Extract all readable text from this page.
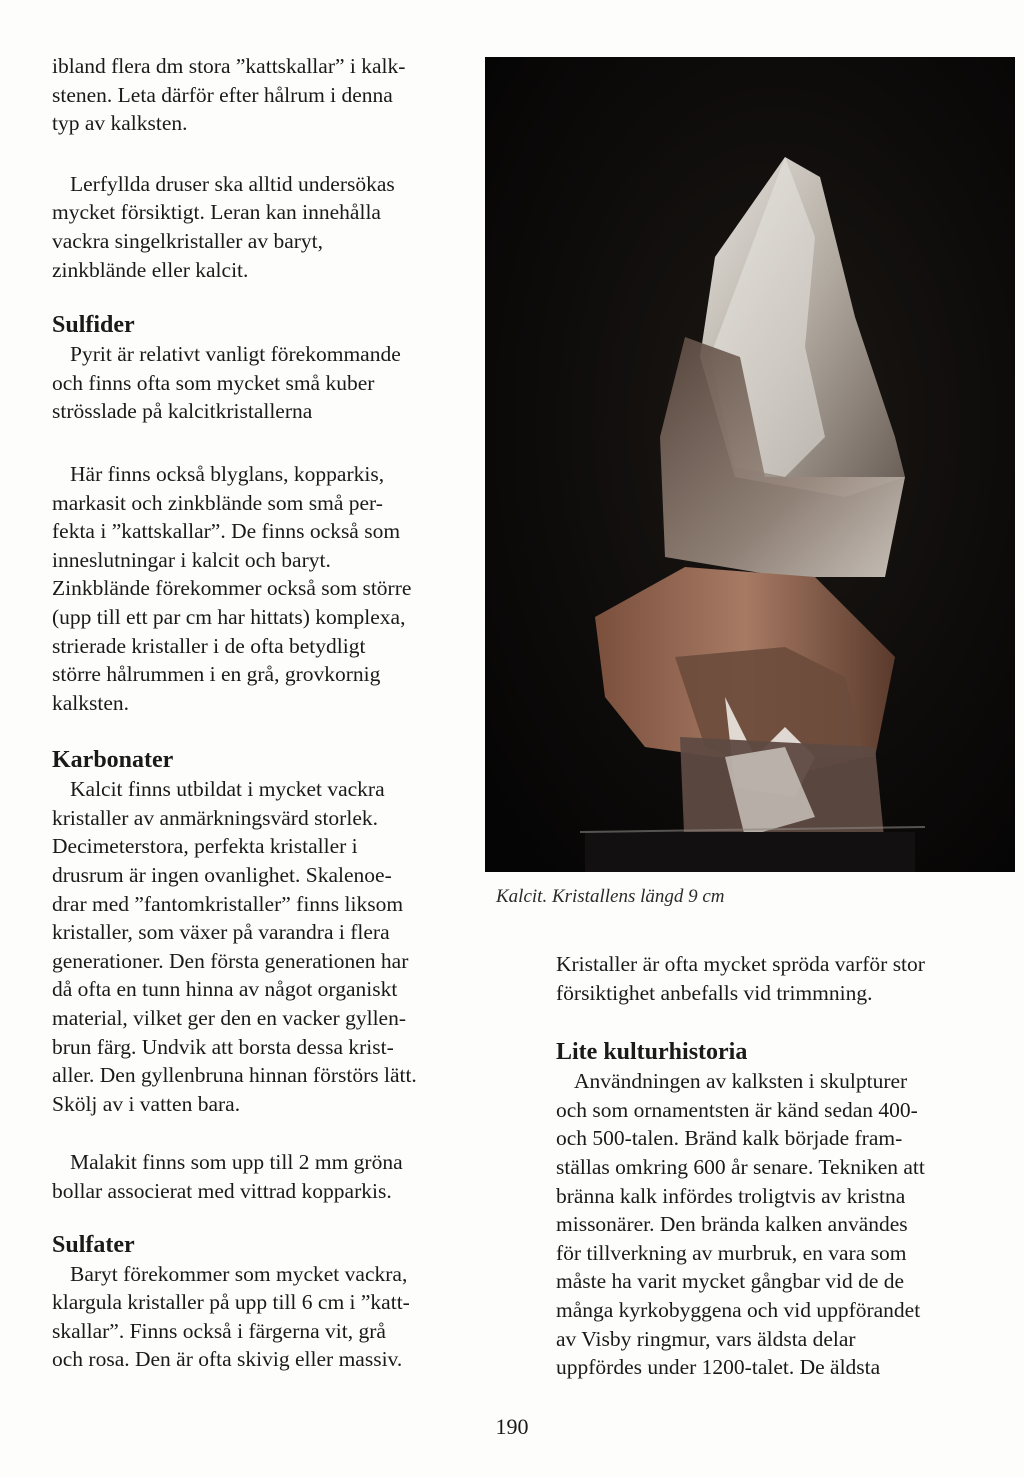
ibland flera dm stora ”kattskallar” i kalk-
stenen. Leta därför efter hålrum i denna
typ av kalksten.
Lerfyllda druser ska alltid undersökas
mycket försiktigt. Leran kan innehålla
vackra singelkristaller av baryt,
zinkblände eller kalcit.
Sulfider
Pyrit är relativt vanligt förekommande
och finns ofta som mycket små kuber
strösslade på kalcitkristallerna
Här finns också blyglans, kopparkis,
markasit och zinkblände som små per-
fekta i ”kattskallar”. De finns också som
inneslutningar i kalcit och baryt.
Zinkblände förekommer också som större
(upp till ett par cm har hittats) komplexa,
strierade kristaller i de ofta betydligt
större hålrummen i en grå, grovkornig
kalksten.
Karbonater
Kalcit finns utbildat i mycket vackra
kristaller av anmärkningsvärd storlek.
Decimeterstora, perfekta kristaller i
drusrum är ingen ovanlighet. Skalenoe-
drar med ”fantomkristaller” finns liksom
kristaller, som växer på varandra i flera
generationer. Den första generationen har
då ofta en tunn hinna av något organiskt
material, vilket ger den en vacker gyllen-
brun färg. Undvik att borsta dessa krist-
aller. Den gyllenbruna hinnan förstörs lätt.
Skölj av i vatten bara.
Malakit finns som upp till 2 mm gröna
bollar associerat med vittrad kopparkis.
Sulfater
Baryt förekommer som mycket vackra,
klargula kristaller på upp till 6 cm i ”katt-
skallar”. Finns också i färgerna vit, grå
och rosa. Den är ofta skivig eller massiv.
Kalcit. Kristallens längd 9 cm
Kristaller är ofta mycket spröda varför stor
försiktighet anbefalls vid trimmning.
Lite kulturhistoria
Användningen av kalksten i skulpturer
och som ornamentsten är känd sedan 400-
och 500-talen. Bränd kalk började fram-
ställas omkring 600 år senare. Tekniken att
bränna kalk infördes troligtvis av kristna
missonärer. Den brända kalken användes
för tillverkning av murbruk, en vara som
måste ha varit mycket gångbar vid de de
många kyrkobyggena och vid uppförandet
av Visby ringmur, vars äldsta delar
uppfördes under 1200-talet. De äldsta
190
